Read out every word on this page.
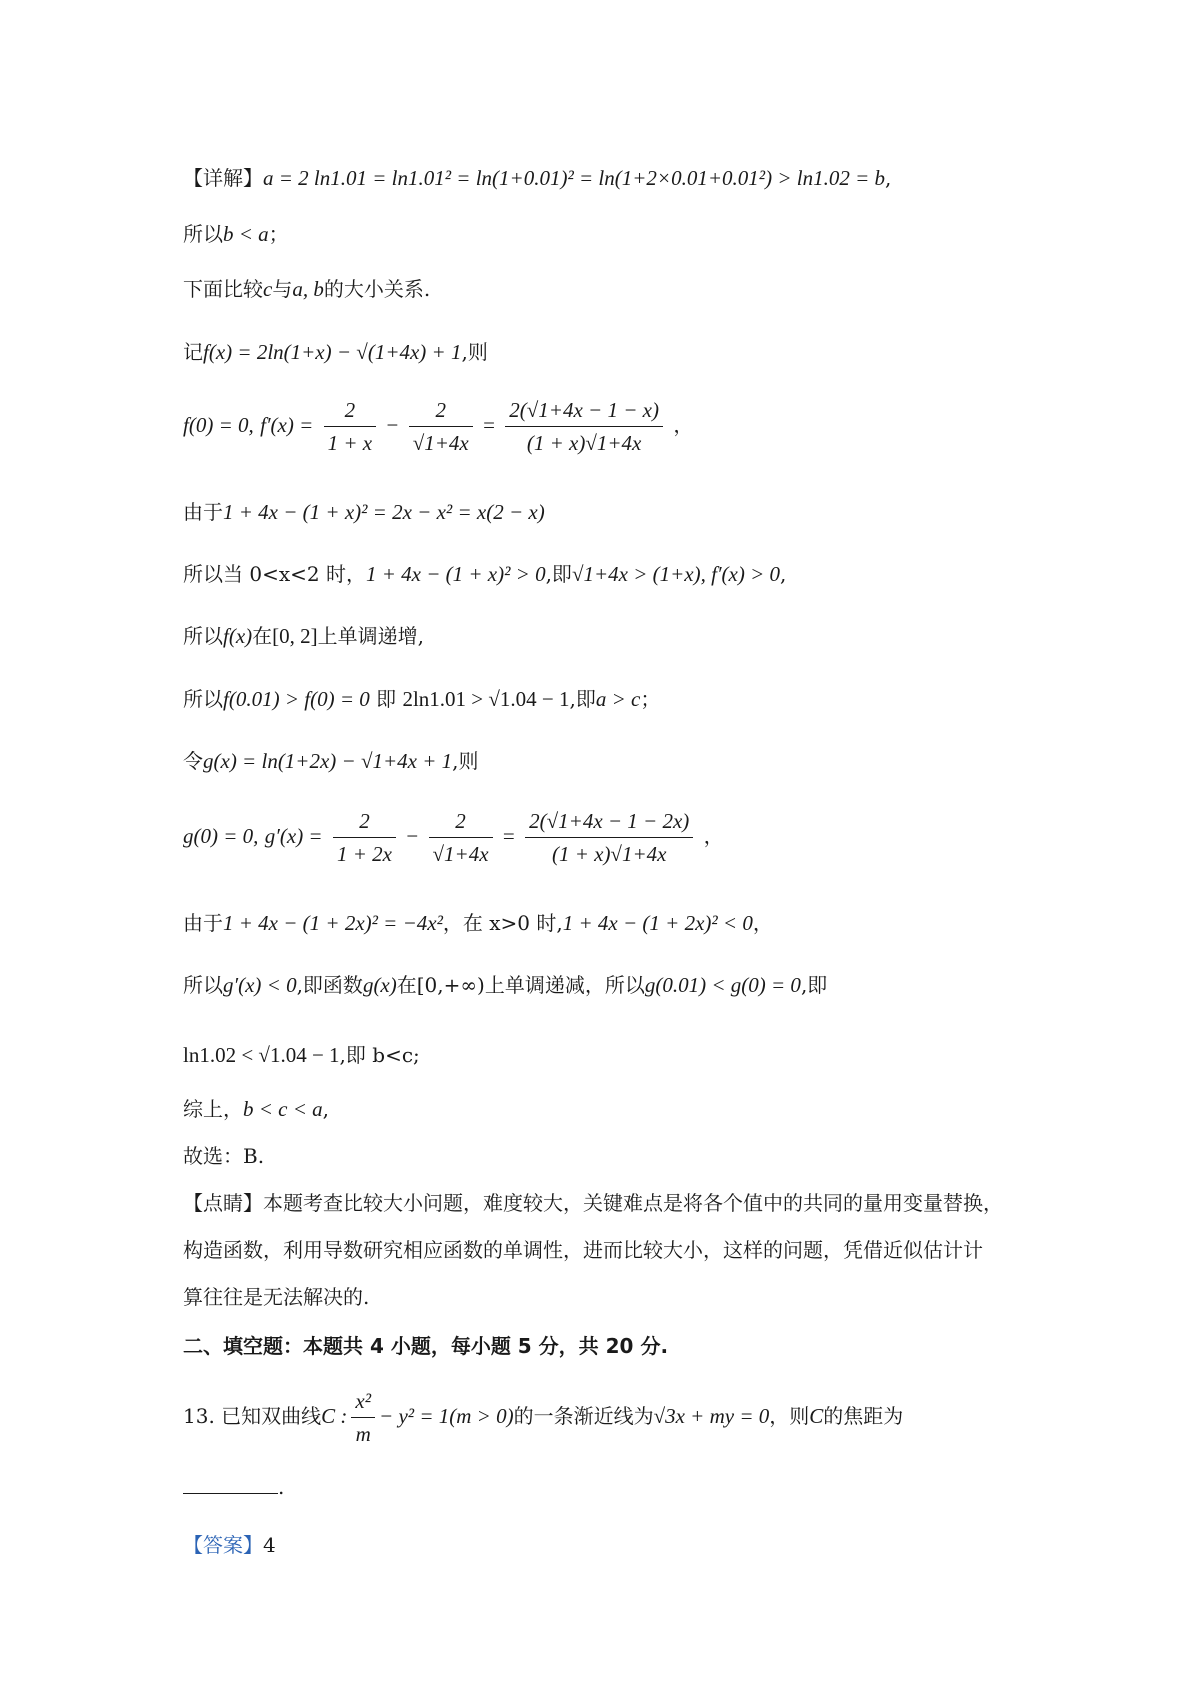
【详解】a = 2 ln1.01 = ln1.01² = ln(1+0.01)² = ln(1+2×0.01+0.01²) > ln1.02 = b,
所以b < a；
下面比较c与a, b的大小关系.
记f(x) = 2ln(1+x) − √(1+4x) + 1,则
f(0) = 0, $f'(x) = \frac{2}{1 + x} - \frac{2}{√1+4x} = \frac{2(√1+4x - 1 - x)}{(1 + x)√1+4x}$ ，
由于1 + 4x − (1 + x)² = 2x − x² = x(2 − x)
所以当 0<x<2 时，1 + 4x − (1 + x)² > 0,即√1+4x > (1+x), f′(x) > 0,
所以f(x)在[0, 2]上单调递增,
所以f(0.01) > f(0) = 0 即 2ln1.01 > √1.04 − 1,即a > c；
令g(x) = ln(1+2x) − √1+4x + 1,则
g(0) = 0, $g'(x) = \frac{2}{1 + 2x} - \frac{2}{√1+4x} = \frac{2(√1+4x - 1 - 2x)}{(1 + x)√1+4x}$ ，
由于1 + 4x − (1 + 2x)² = −4x²，在 x>0 时,1 + 4x − (1 + 2x)² < 0，
所以g′(x) < 0,即函数g(x)在[0,+∞)上单调递减，所以g(0.01) < g(0) = 0,即
ln1.02 < √1.04 − 1,即 b<c;
综上，b < c < a,
故选：B.
【点睛】本题考查比较大小问题，难度较大，关键难点是将各个值中的共同的量用变量替换，
构造函数，利用导数研究相应函数的单调性，进而比较大小，这样的问题，凭借近似估计计
算往往是无法解决的.
二、填空题：本题共 4 小题，每小题 5 分，共 20 分.
13. 已知双曲线C : $\frac{\text{x²}}{m} - y^2 = 1(m > 0)$的一条渐近线为√3x + my = 0，则C的焦距为
.
【答案】4
